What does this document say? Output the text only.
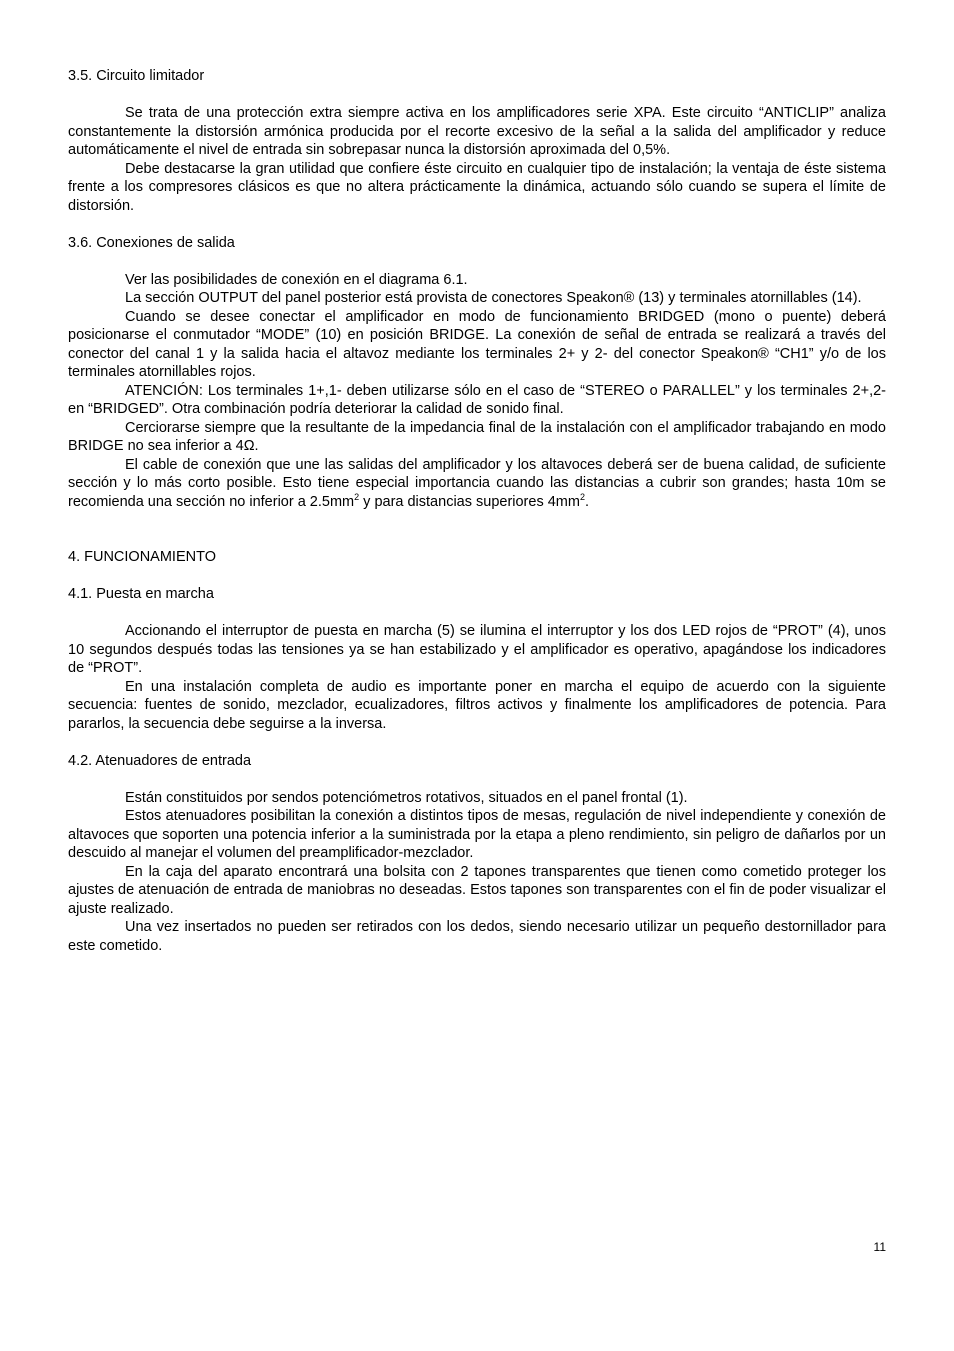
3.5. Circuito limitador

Se trata de una protección extra siempre activa en los amplificadores serie XPA. Este circuito “ANTICLIP” analiza constantemente la distorsión armónica producida por el recorte excesivo de la señal a la salida del amplificador y reduce automáticamente el nivel de entrada sin sobrepasar nunca la distorsión aproximada del 0,5%.

Debe destacarse la gran utilidad que confiere éste circuito en cualquier tipo de instalación; la ventaja de éste sistema frente a los compresores clásicos es que no altera prácticamente la dinámica, actuando sólo cuando se supera el límite de distorsión.

3.6. Conexiones de salida

Ver las posibilidades de conexión en el diagrama 6.1.

La sección OUTPUT del panel posterior está provista de conectores Speakon® (13) y terminales atornillables (14).

Cuando se desee conectar el amplificador en modo de funcionamiento BRIDGED (mono o puente) deberá posicionarse el conmutador “MODE” (10) en posición BRIDGE. La conexión de señal de entrada se realizará a través del conector del canal 1 y la salida hacia el altavoz mediante los terminales 2+ y 2- del conector Speakon® “CH1” y/o de los terminales atornillables rojos.

ATENCIÓN: Los terminales 1+,1- deben utilizarse sólo en el caso de “STEREO o PARALLEL” y los terminales 2+,2- en “BRIDGED”. Otra combinación podría deteriorar la calidad de sonido final.

Cerciorarse siempre que la resultante de la impedancia final de la instalación con el amplificador trabajando en modo BRIDGE no sea inferior a 4Ω.

El cable de conexión que une las salidas del amplificador y los altavoces deberá ser de buena calidad, de suficiente sección y lo más corto posible. Esto tiene especial importancia cuando las distancias a cubrir son grandes; hasta 10m se recomienda una sección no inferior a $2.5mm^2$ y para distancias superiores $4mm^2$.

4. FUNCIONAMIENTO

4.1. Puesta en marcha

Accionando el interruptor de puesta en marcha (5) se ilumina el interruptor y los dos LED rojos de “PROT” (4), unos 10 segundos después todas las tensiones ya se han estabilizado y el amplificador es operativo, apagándose los indicadores de “PROT”.

En una instalación completa de audio es importante poner en marcha el equipo de acuerdo con la siguiente secuencia: fuentes de sonido, mezclador, ecualizadores, filtros activos y finalmente los amplificadores de potencia. Para pararlos, la secuencia debe seguirse a la inversa.

4.2. Atenuadores de entrada

Están constituidos por sendos potenciómetros rotativos, situados en el panel frontal (1).

Estos atenuadores posibilitan la conexión a distintos tipos de mesas, regulación de nivel independiente y conexión de altavoces que soporten una potencia inferior a la suministrada por la etapa a pleno rendimiento, sin peligro de dañarlos por un descuido al manejar el volumen del preamplificador-mezclador.

En la caja del aparato encontrará una bolsita con 2 tapones transparentes que tienen como cometido proteger los ajustes de atenuación de entrada de maniobras no deseadas. Estos tapones son transparentes con el fin de poder visualizar el ajuste realizado.

Una vez insertados no pueden ser retirados con los dedos, siendo necesario utilizar un pequeño destornillador para este cometido.

11
